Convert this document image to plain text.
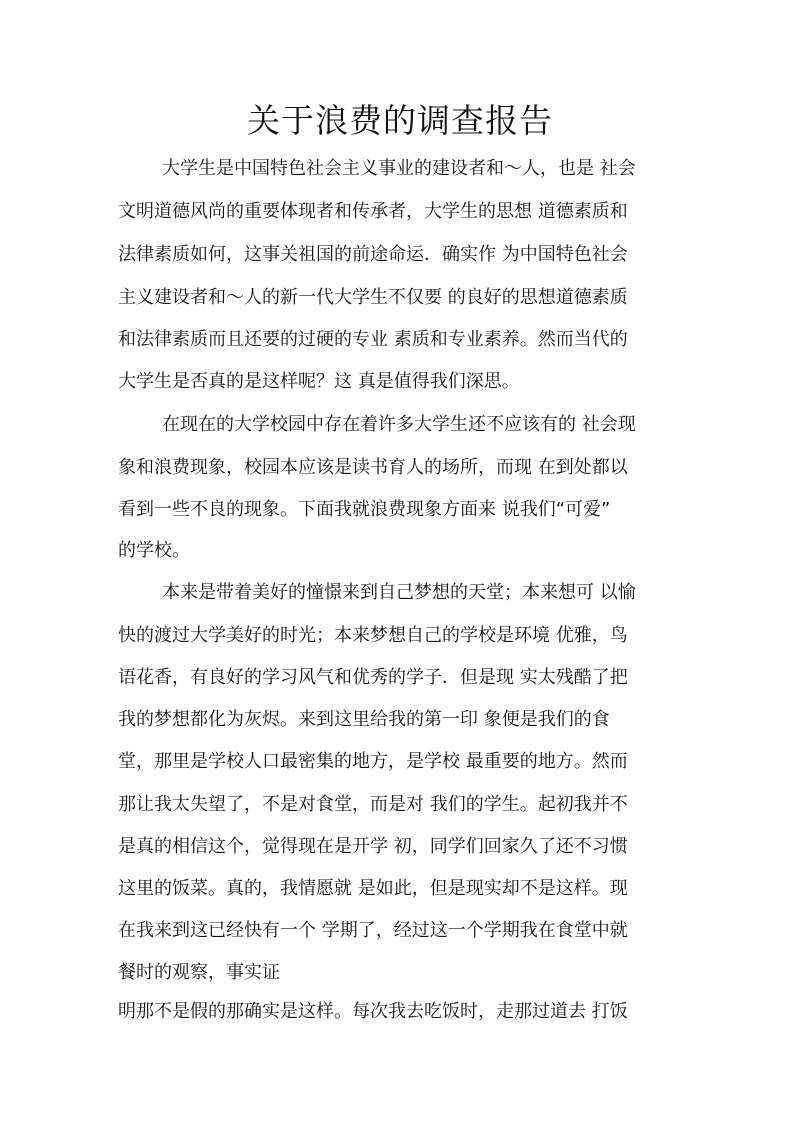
关于浪费的调查报告
大学生是中国特色社会主义事业的建设者和～人，也是 社会
文明道德风尚的重要体现者和传承者，大学生的思想 道德素质和
法律素质如何，这事关祖国的前途命运．确实作 为中国特色社会
主义建设者和～人的新一代大学生不仅要 的良好的思想道德素质
和法律素质而且还要的过硬的专业 素质和专业素养。然而当代的
大学生是否真的是这样呢？这 真是值得我们深思。
在现在的大学校园中存在着许多大学生还不应该有的 社会现
象和浪费现象，校园本应该是读书育人的场所，而现 在到处都以
看到一些不良的现象。下面我就浪费现象方面来 说我们“可爱”
的学校。
本来是带着美好的憧憬来到自己梦想的天堂；本来想可 以愉
快的渡过大学美好的时光；本来梦想自己的学校是环境 优雅，鸟
语花香，有良好的学习风气和优秀的学子．但是现 实太残酷了把
我的梦想都化为灰烬。来到这里给我的第一印 象便是我们的食
堂，那里是学校人口最密集的地方，是学校 最重要的地方。然而
那让我太失望了，不是对食堂，而是对 我们的学生。起初我并不
是真的相信这个，觉得现在是开学 初，同学们回家久了还不习惯
这里的饭菜。真的，我情愿就 是如此，但是现实却不是这样。现
在我来到这已经快有一个 学期了，经过这一个学期我在食堂中就
餐时的观察，事实证
明那不是假的那确实是这样。每次我去吃饭时，走那过道去 打饭
